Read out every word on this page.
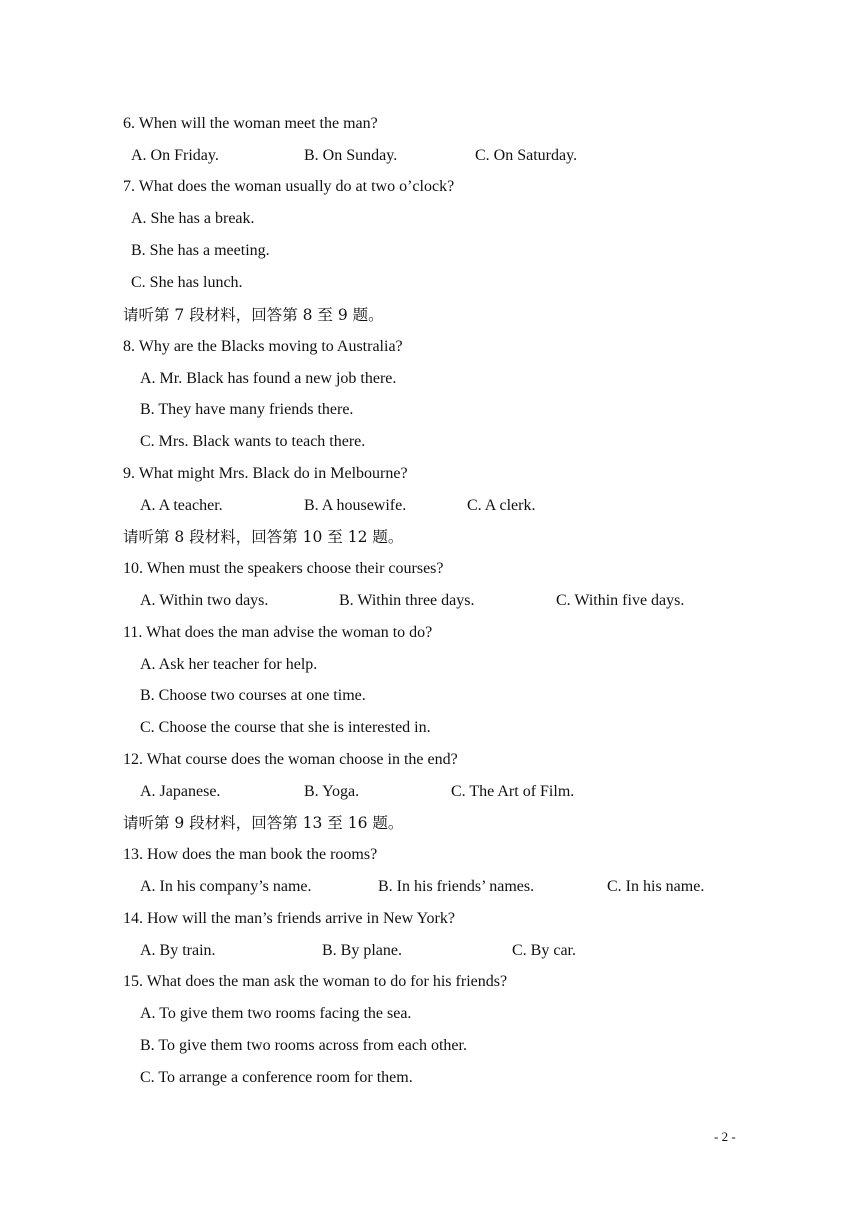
6. When will the woman meet the man?
A. On Friday.	B. On Sunday.	C. On Saturday.
7. What does the woman usually do at two o’clock?
A. She has a break.
B. She has a meeting.
C. She has lunch.
请听第 7 段材料，回答第 8 至 9 题。
8. Why are the Blacks moving to Australia?
A. Mr. Black has found a new job there.
B. They have many friends there.
C. Mrs. Black wants to teach there.
9. What might Mrs. Black do in Melbourne?
A. A teacher.	B. A housewife.	C. A clerk.
请听第 8 段材料，回答第 10 至 12 题。
10. When must the speakers choose their courses?
A. Within two days.	B. Within three days.	C. Within five days.
11. What does the man advise the woman to do?
A. Ask her teacher for help.
B. Choose two courses at one time.
C. Choose the course that she is interested in.
12. What course does the woman choose in the end?
A. Japanese.	B. Yoga.	C. The Art of Film.
请听第 9 段材料，回答第 13 至 16 题。
13. How does the man book the rooms?
A. In his company’s name.	B. In his friends’ names.	C. In his name.
14. How will the man’s friends arrive in New York?
A. By train.	B. By plane.	C. By car.
15. What does the man ask the woman to do for his friends?
A. To give them two rooms facing the sea.
B. To give them two rooms across from each other.
C. To arrange a conference room for them.
- 2 -
